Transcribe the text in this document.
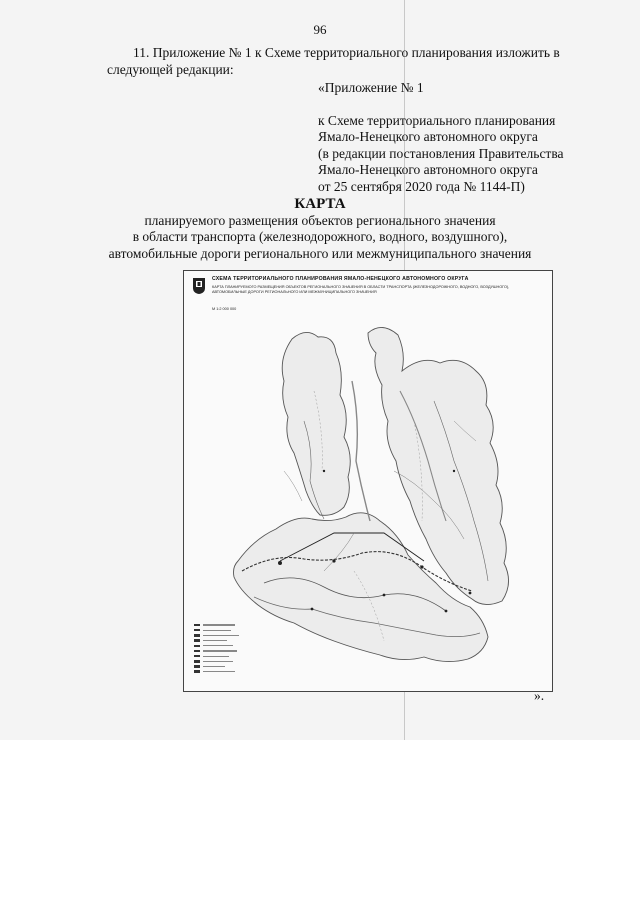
96
11. Приложение № 1 к Схеме территориального планирования изложить в
следующей редакции:
«Приложение № 1
к Схеме территориального планирования
Ямало-Ненецкого автономного округа
(в редакции постановления Правительства
Ямало-Ненецкого автономного округа
от 25 сентября 2020 года № 1144-П)
КАРТА
планируемого размещения объектов регионального значения
в области транспорта (железнодорожного, водного, воздушного),
автомобильные дороги регионального или межмуниципального значения
СХЕМА ТЕРРИТОРИАЛЬНОГО ПЛАНИРОВАНИЯ ЯМАЛО-НЕНЕЦКОГО АВТОНОМНОГО ОКРУГА
КАРТА ПЛАНИРУЕМОГО РАЗМЕЩЕНИЯ ОБЪЕКТОВ РЕГИОНАЛЬНОГО ЗНАЧЕНИЯ В ОБЛАСТИ ТРАНСПОРТА (ЖЕЛЕЗНОДОРОЖНОГО, ВОДНОГО, ВОЗДУШНОГО),
АВТОМОБИЛЬНЫЕ ДОРОГИ РЕГИОНАЛЬНОГО ИЛИ МЕЖМУНИЦИПАЛЬНОГО ЗНАЧЕНИЯ
М 1:2 000 000
».
